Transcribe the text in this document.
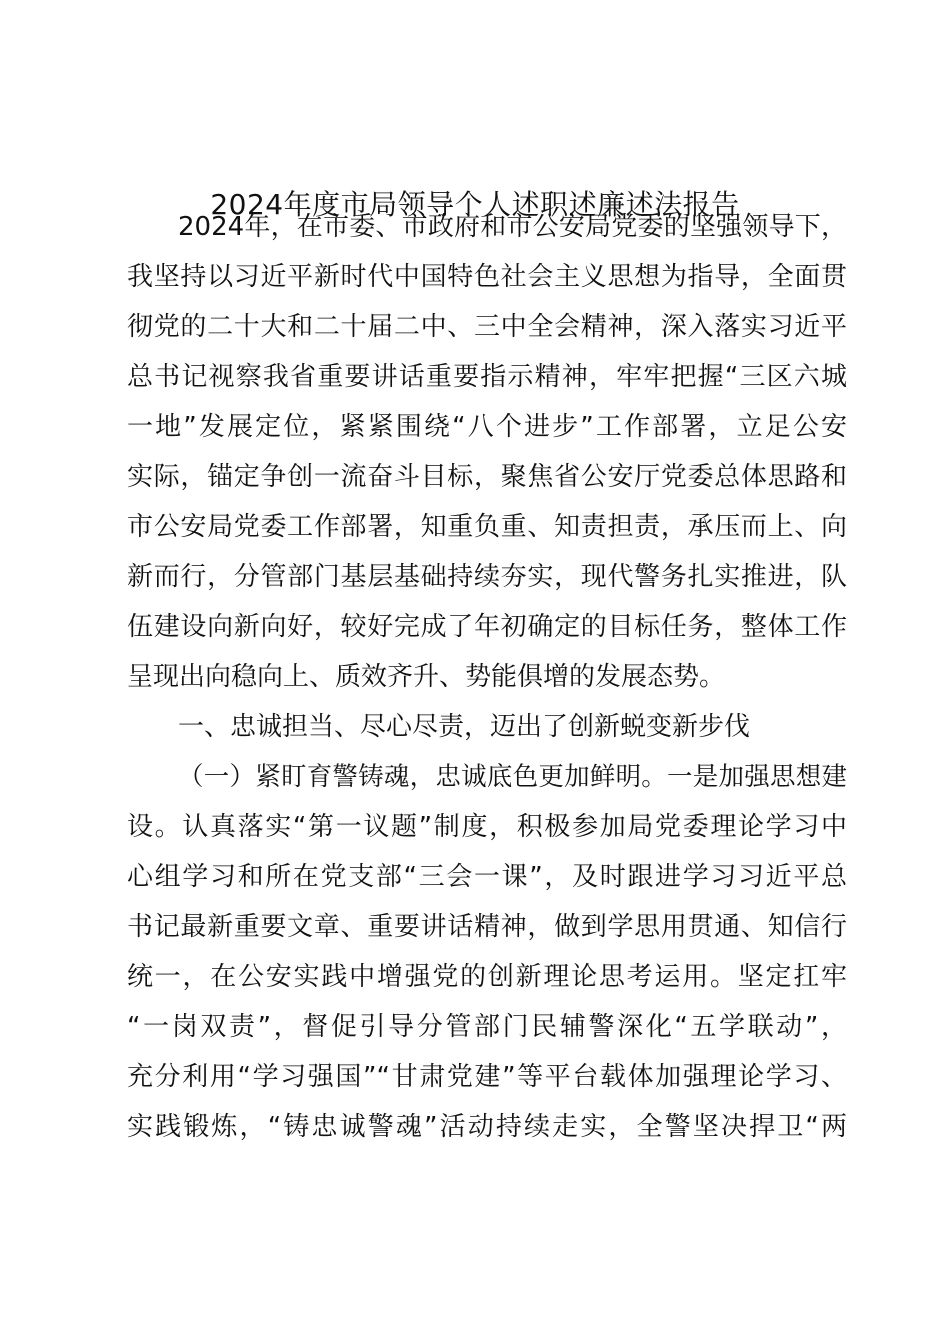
2024年度市局领导个人述职述廉述法报告
2024年，在市委、市政府和市公安局党委的坚强领导下，
我坚持以习近平新时代中国特色社会主义思想为指导，全面贯
彻党的二十大和二十届二中、三中全会精神，深入落实习近平
总书记视察我省重要讲话重要指示精神，牢牢把握“三区六城
一地”发展定位，紧紧围绕“八个进步”工作部署，立足公安
实际，锚定争创一流奋斗目标，聚焦省公安厅党委总体思路和
市公安局党委工作部署，知重负重、知责担责，承压而上、向
新而行，分管部门基层基础持续夯实，现代警务扎实推进，队
伍建设向新向好，较好完成了年初确定的目标任务，整体工作
呈现出向稳向上、质效齐升、势能俱增的发展态势。
一、忠诚担当、尽心尽责，迈出了创新蜕变新步伐
（一）紧盯育警铸魂，忠诚底色更加鲜明。一是加强思想建
设。认真落实“第一议题”制度，积极参加局党委理论学习中
心组学习和所在党支部“三会一课”，及时跟进学习习近平总
书记最新重要文章、重要讲话精神，做到学思用贯通、知信行
统一，在公安实践中增强党的创新理论思考运用。坚定扛牢
“一岗双责”，督促引导分管部门民辅警深化“五学联动”，
充分利用“学习强国”“甘肃党建”等平台载体加强理论学习、
实践锻炼，“铸忠诚警魂”活动持续走实，全警坚决捍卫“两
